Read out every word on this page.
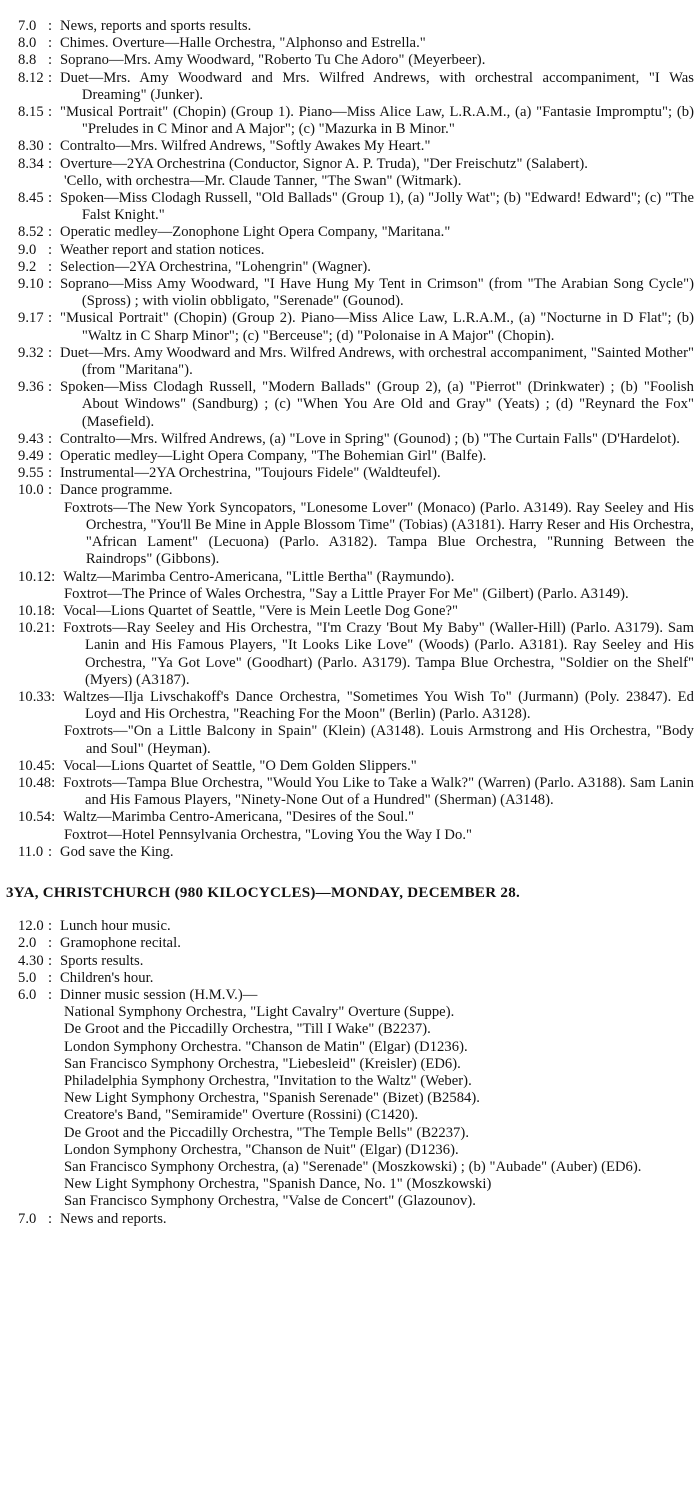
7.0 : News, reports and sports results.
8.0 : Chimes. Overture—Halle Orchestra, "Alphonso and Estrella."
8.8 : Soprano—Mrs. Amy Woodward, "Roberto Tu Che Adoro" (Meyerbeer).
8.12 : Duet—Mrs. Amy Woodward and Mrs. Wilfred Andrews, with orchestral accompaniment, "I Was Dreaming" (Junker).
8.15 : "Musical Portrait" (Chopin) (Group 1). Piano—Miss Alice Law, L.R.A.M., (a) "Fantasie Impromptu"; (b) "Preludes in C Minor and A Major"; (c) "Mazurka in B Minor."
8.30 : Contralto—Mrs. Wilfred Andrews, "Softly Awakes My Heart."
8.34 : Overture—2YA Orchestrina (Conductor, Signor A. P. Truda), "Der Freischutz" (Salabert).
'Cello, with orchestra—Mr. Claude Tanner, "The Swan" (Witmark).
8.45 : Spoken—Miss Clodagh Russell, "Old Ballads" (Group 1), (a) "Jolly Wat"; (b) "Edward! Edward"; (c) "The Falst Knight."
8.52 : Operatic medley—Zonophone Light Opera Company, "Maritana."
9.0 : Weather report and station notices.
9.2 : Selection—2YA Orchestrina, "Lohengrin" (Wagner).
9.10 : Soprano—Miss Amy Woodward, "I Have Hung My Tent in Crimson" (from "The Arabian Song Cycle") (Spross) ; with violin obbligato, "Serenade" (Gounod).
9.17 : "Musical Portrait" (Chopin) (Group 2). Piano—Miss Alice Law, L.R.A.M., (a) "Nocturne in D Flat"; (b) "Waltz in C Sharp Minor"; (c) "Berceuse"; (d) "Polonaise in A Major" (Chopin).
9.32 : Duet—Mrs. Amy Woodward and Mrs. Wilfred Andrews, with orchestral accompaniment, "Sainted Mother" (from "Maritana").
9.36 : Spoken—Miss Clodagh Russell, "Modern Ballads" (Group 2), (a) "Pierrot" (Drinkwater) ; (b) "Foolish About Windows" (Sandburg) ; (c) "When You Are Old and Gray" (Yeats) ; (d) "Reynard the Fox" (Masefield).
9.43 : Contralto—Mrs. Wilfred Andrews, (a) "Love in Spring" (Gounod) ; (b) "The Curtain Falls" (D'Hardelot).
9.49 : Operatic medley—Light Opera Company, "The Bohemian Girl" (Balfe).
9.55 : Instrumental—2YA Orchestrina, "Toujours Fidele" (Waldteufel).
10.0 : Dance programme.
Foxtrots—The New York Syncopators, "Lonesome Lover" (Monaco) (Parlo. A3149). Ray Seeley and His Orchestra, "You'll Be Mine in Apple Blossom Time" (Tobias) (A3181). Harry Reser and His Orchestra, "African Lament" (Lecuona) (Parlo. A3182). Tampa Blue Orchestra, "Running Between the Raindrops" (Gibbons).
10.12 : Waltz—Marimba Centro-Americana, "Little Bertha" (Raymundo).
Foxtrot—The Prince of Wales Orchestra, "Say a Little Prayer For Me" (Gilbert) (Parlo. A3149).
10.18 : Vocal—Lions Quartet of Seattle, "Vere is Mein Leetle Dog Gone?"
10.21 : Foxtrots—Ray Seeley and His Orchestra, "I'm Crazy 'Bout My Baby" (Waller-Hill) (Parlo. A3179). Sam Lanin and His Famous Players, "It Looks Like Love" (Woods) (Parlo. A3181). Ray Seeley and His Orchestra, "Ya Got Love" (Goodhart) (Parlo. A3179). Tampa Blue Orchestra, "Soldier on the Shelf" (Myers) (A3187).
10.33 : Waltzes—Ilja Livschakoff's Dance Orchestra, "Sometimes You Wish To" (Jurmann) (Poly. 23847). Ed Loyd and His Orchestra, "Reaching For the Moon" (Berlin) (Parlo. A3128).
Foxtrots—"On a Little Balcony in Spain" (Klein) (A3148). Louis Armstrong and His Orchestra, "Body and Soul" (Heyman).
10.45 : Vocal—Lions Quartet of Seattle, "O Dem Golden Slippers."
10.48 : Foxtrots—Tampa Blue Orchestra, "Would You Like to Take a Walk?" (Warren) (Parlo. A3188). Sam Lanin and His Famous Players, "Ninety-None Out of a Hundred" (Sherman) (A3148).
10.54 : Waltz—Marimba Centro-Americana, "Desires of the Soul."
Foxtrot—Hotel Pennsylvania Orchestra, "Loving You the Way I Do."
11.0 : God save the King.
3YA, CHRISTCHURCH (980 KILOCYCLES)—MONDAY, DECEMBER 28.
12.0 : Lunch hour music.
2.0 : Gramophone recital.
4.30 : Sports results.
5.0 : Children's hour.
6.0 : Dinner music session (H.M.V.)—
National Symphony Orchestra, "Light Cavalry" Overture (Suppe).
De Groot and the Piccadilly Orchestra, "Till I Wake" (B2237).
London Symphony Orchestra. "Chanson de Matin" (Elgar) (D1236).
San Francisco Symphony Orchestra, "Liebesleid" (Kreisler) (ED6).
Philadelphia Symphony Orchestra, "Invitation to the Waltz" (Weber).
New Light Symphony Orchestra, "Spanish Serenade" (Bizet) (B2584).
Creatore's Band, "Semiramide" Overture (Rossini) (C1420).
De Groot and the Piccadilly Orchestra, "The Temple Bells" (B2237).
London Symphony Orchestra, "Chanson de Nuit" (Elgar) (D1236).
San Francisco Symphony Orchestra, (a) "Serenade" (Moszkowski) ; (b) "Aubade" (Auber) (ED6).
New Light Symphony Orchestra, "Spanish Dance, No. 1" (Moszkowski)
San Francisco Symphony Orchestra, "Valse de Concert" (Glazounov).
7.0 : News and reports.
